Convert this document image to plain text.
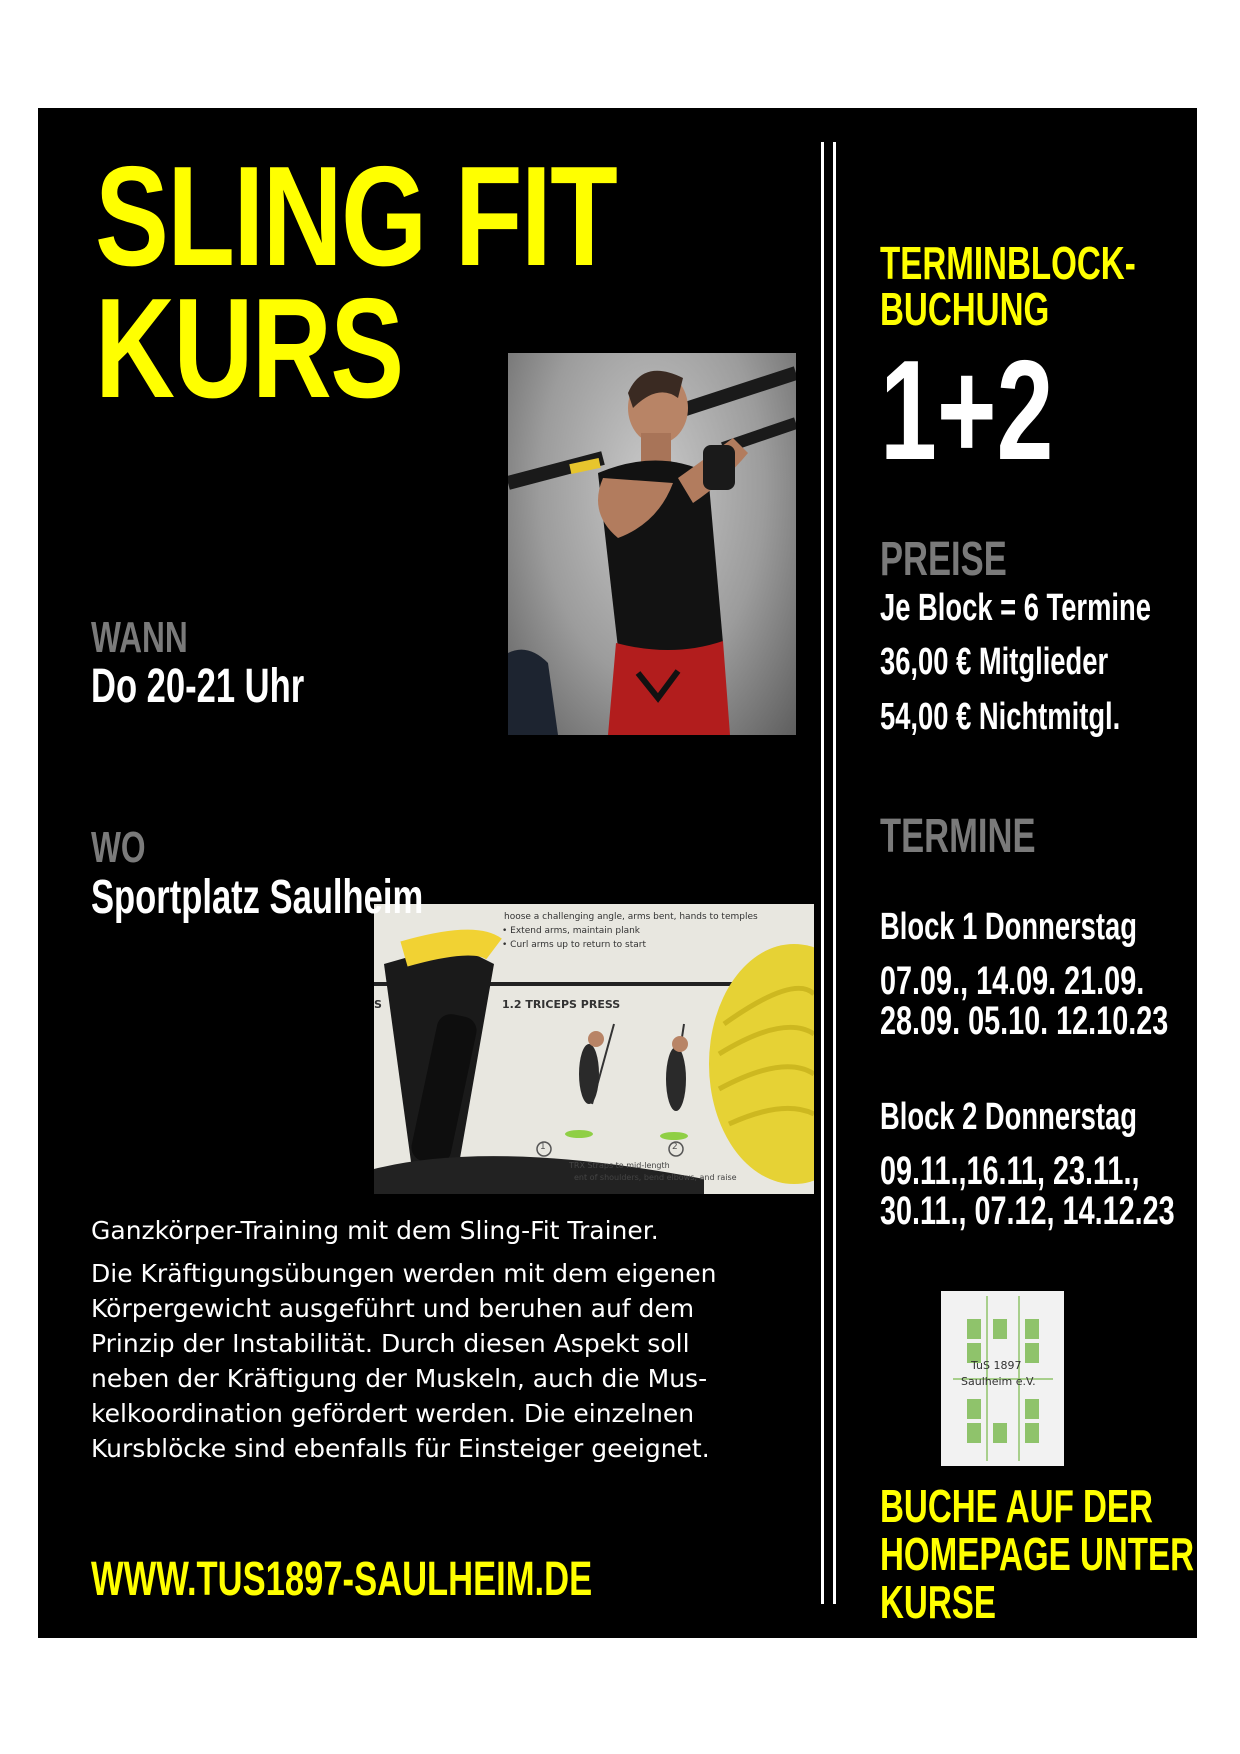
SLING FIT
KURS
WANN
Do 20-21 Uhr
WO
hoose a challenging angle, arms bent, hands to temples
• Extend arms, maintain plank
• Curl arms up to return to start
S	1.2 TRICEPS PRESS
1	2
TRX Straps to mid-length
ent of shoulders, bend elbows, and raise
Sportplatz Saulheim

Ganzkörper-Training mit dem Sling-Fit Trainer.

Die Kräftigungsübungen werden mit dem eigenen
Körpergewicht ausgeführt und beruhen auf dem
Prinzip der Instabilität. Durch diesen Aspekt soll
neben der Kräftigung der Muskeln, auch die Mus-
kelkoordination gefördert werden. Die einzelnen
Kursblöcke sind ebenfalls für Einsteiger geeignet.
WWW.TUS1897-SAULHEIM.DE
TERMINBLOCK-
BUCHUNG
1+2
PREISE
Je Block = 6 Termine
36,00 € Mitglieder
54,00 € Nichtmitgl.
TERMINE
Block 1 Donnerstag
07.09., 14.09. 21.09.
28.09. 05.10. 12.10.23
Block 2 Donnerstag
09.11.,16.11, 23.11.,
30.11., 07.12, 14.12.23
TuS 1897
Saulheim e.V.
BUCHE AUF DER
HOMEPAGE UNTER
KURSE
